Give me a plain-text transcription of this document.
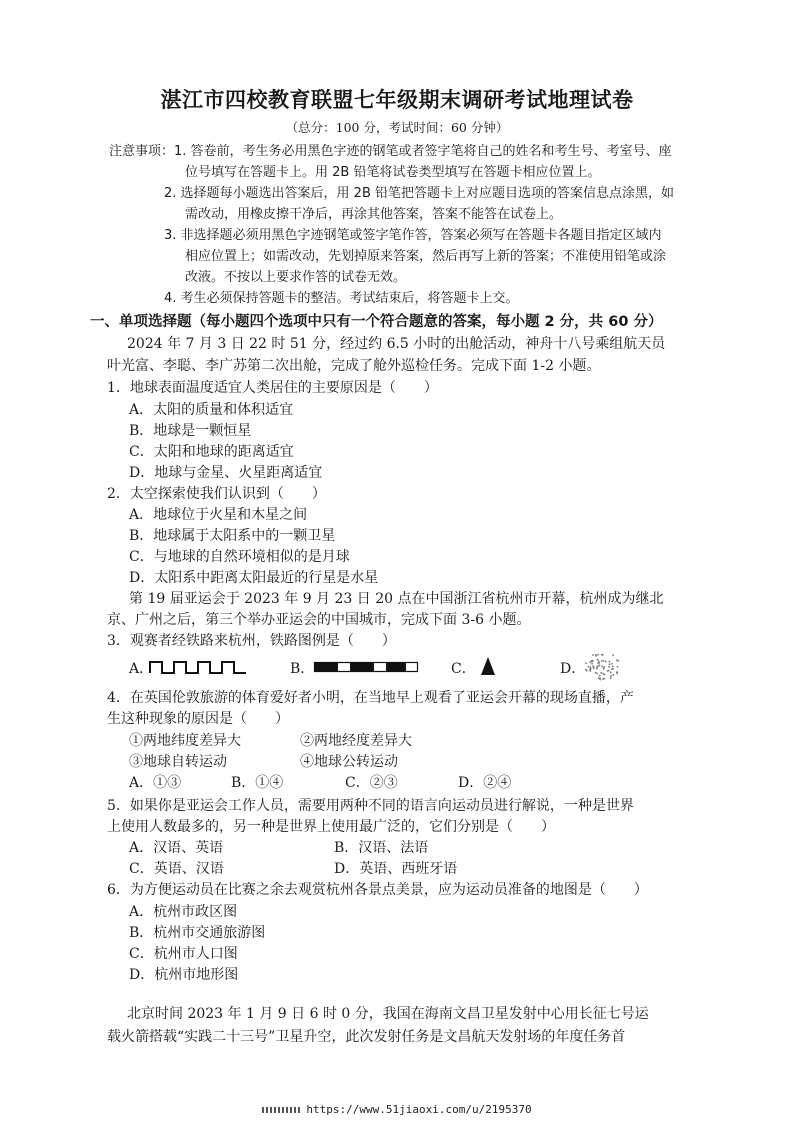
湛江市四校教育联盟七年级期末调研考试地理试卷
（总分：100 分，考试时间：60 分钟）
注意事项：1. 答卷前，考生务必用黑色字迹的钢笔或者签字笔将自己的姓名和考生号、考室号、座
位号填写在答题卡上。用 2B 铅笔将试卷类型填写在答题卡相应位置上。
2. 选择题每小题选出答案后，用 2B 铅笔把答题卡上对应题目选项的答案信息点涂黑，如
需改动，用橡皮擦干净后，再涂其他答案，答案不能答在试卷上。
3. 非选择题必须用黑色字迹钢笔或签字笔作答，答案必须写在答题卡各题目指定区域内
相应位置上；如需改动，先划掉原来答案，然后再写上新的答案；不准使用铅笔或涂
改液。不按以上要求作答的试卷无效。
4. 考生必须保持答题卡的整洁。考试结束后，将答题卡上交。
一、单项选择题（每小题四个选项中只有一个符合题意的答案，每小题 2 分，共 60 分）
2024 年 7 月 3 日 22 时 51 分，经过约 6.5 小时的出舱活动，神舟十八号乘组航天员
叶光富、李聪、李广苏第二次出舱，完成了舱外巡检任务。完成下面 1-2 小题。
1．地球表面温度适宜人类居住的主要原因是（　　）
A．太阳的质量和体积适宜
B．地球是一颗恒星
C．太阳和地球的距离适宜
D．地球与金星、火星距离适宜
2．太空探索使我们认识到（　　）
A．地球位于火星和木星之间
B．地球属于太阳系中的一颗卫星
C．与地球的自然环境相似的是月球
D．太阳系中距离太阳最近的行星是水星
第 19 届亚运会于 2023 年 9 月 23 日 20 点在中国浙江省杭州市开幕，杭州成为继北
京、广州之后，第三个举办亚运会的中国城市，完成下面 3-6 小题。
3．观赛者经铁路来杭州，铁路图例是（　　）
A．	B．	C．	D．
4．在英国伦敦旅游的体育爱好者小明，在当地早上观看了亚运会开幕的现场直播，产
生这种现象的原因是（　　）
①两地纬度差异大	②两地经度差异大
③地球自转运动	④地球公转运动
A．①③	B．①④	C．②③	D．②④
5．如果你是亚运会工作人员，需要用两种不同的语言向运动员进行解说，一种是世界
上使用人数最多的，另一种是世界上使用最广泛的，它们分别是（　　）
A．汉语、英语	B．汉语、法语
C．英语、汉语	D．英语、西班牙语
6．为方便运动员在比赛之余去观赏杭州各景点美景，应为运动员准备的地图是（　　）
A．杭州市政区图
B．杭州市交通旅游图
C．杭州市人口图
D．杭州市地形图
北京时间 2023 年 1 月 9 日 6 时 0 分，我国在海南文昌卫星发射中心用长征七号运
载火箭搭载“实践二十三号”卫星升空，此次发射任务是文昌航天发射场的年度任务首
https://www.51jiaoxi.com/u/2195370
